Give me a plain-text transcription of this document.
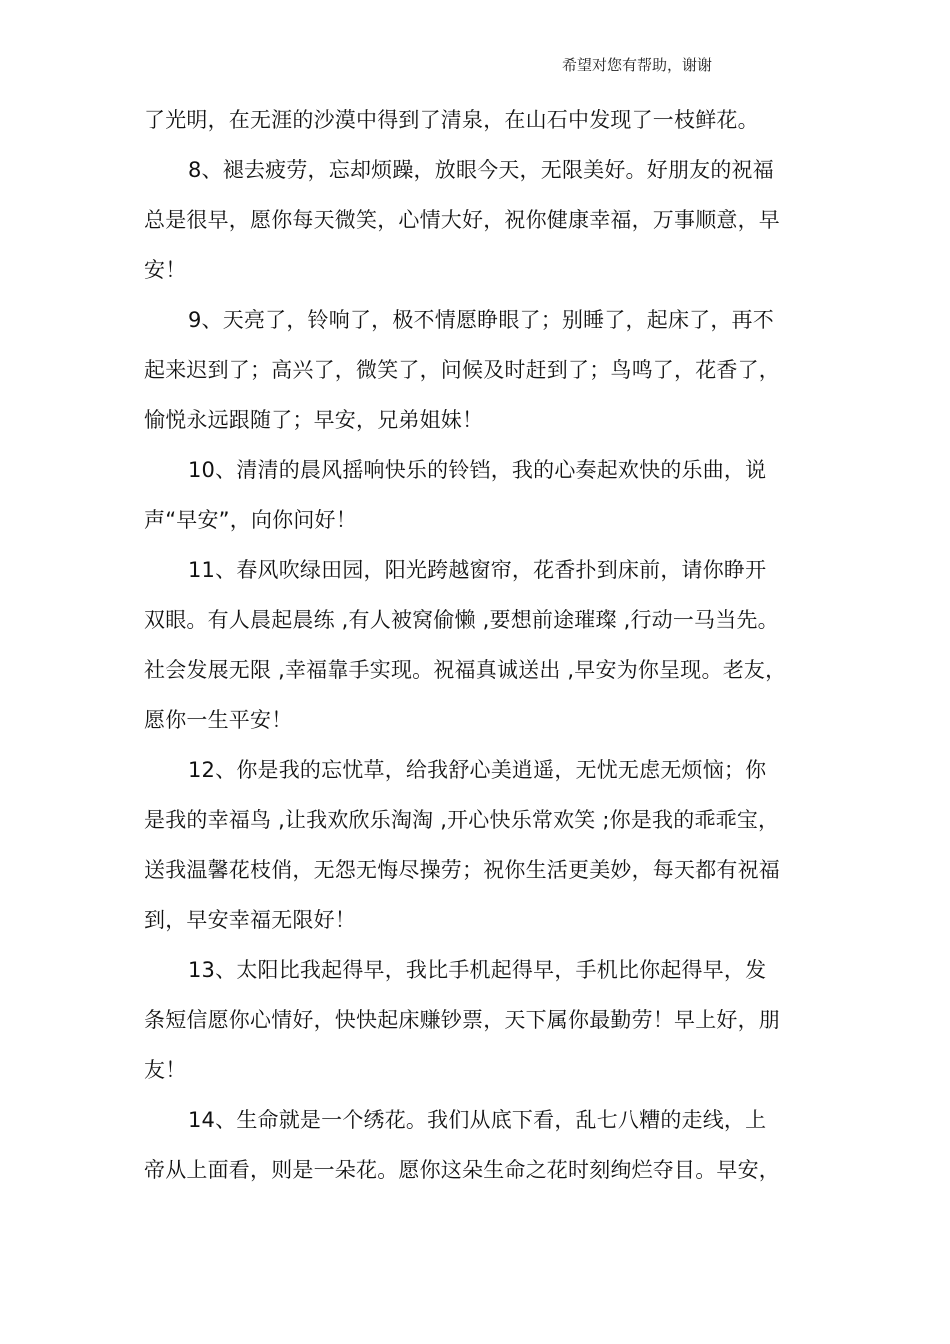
希望对您有帮助，谢谢
了光明，在无涯的沙漠中得到了清泉，在山石中发现了一枝鲜花。
8、褪去疲劳，忘却烦躁，放眼今天，无限美好。好朋友的祝福
总是很早，愿你每天微笑，心情大好，祝你健康幸福，万事顺意，早
安！
9、天亮了，铃响了，极不情愿睁眼了；别睡了，起床了，再不
起来迟到了；高兴了，微笑了，问候及时赶到了；鸟鸣了，花香了，
愉悦永远跟随了；早安，兄弟姐妹！
10、清清的晨风摇响快乐的铃铛，我的心奏起欢快的乐曲，说
声“早安”，向你问好！
11、春风吹绿田园，阳光跨越窗帘，花香扑到床前，请你睁开
双眼。有人晨起晨练 ,有人被窝偷懒 ,要想前途璀璨 ,行动一马当先。
社会发展无限 ,幸福靠手实现。祝福真诚送出 ,早安为你呈现。老友，
愿你一生平安！
12、你是我的忘忧草，给我舒心美逍遥，无忧无虑无烦恼；你
是我的幸福鸟 ,让我欢欣乐淘淘 ,开心快乐常欢笑 ;你是我的乖乖宝，
送我温馨花枝俏，无怨无悔尽操劳；祝你生活更美妙，每天都有祝福
到，早安幸福无限好！
13、太阳比我起得早，我比手机起得早，手机比你起得早，发
条短信愿你心情好，快快起床赚钞票，天下属你最勤劳！早上好，朋
友！
14、生命就是一个绣花。我们从底下看，乱七八糟的走线，上
帝从上面看，则是一朵花。愿你这朵生命之花时刻绚烂夺目。早安，
